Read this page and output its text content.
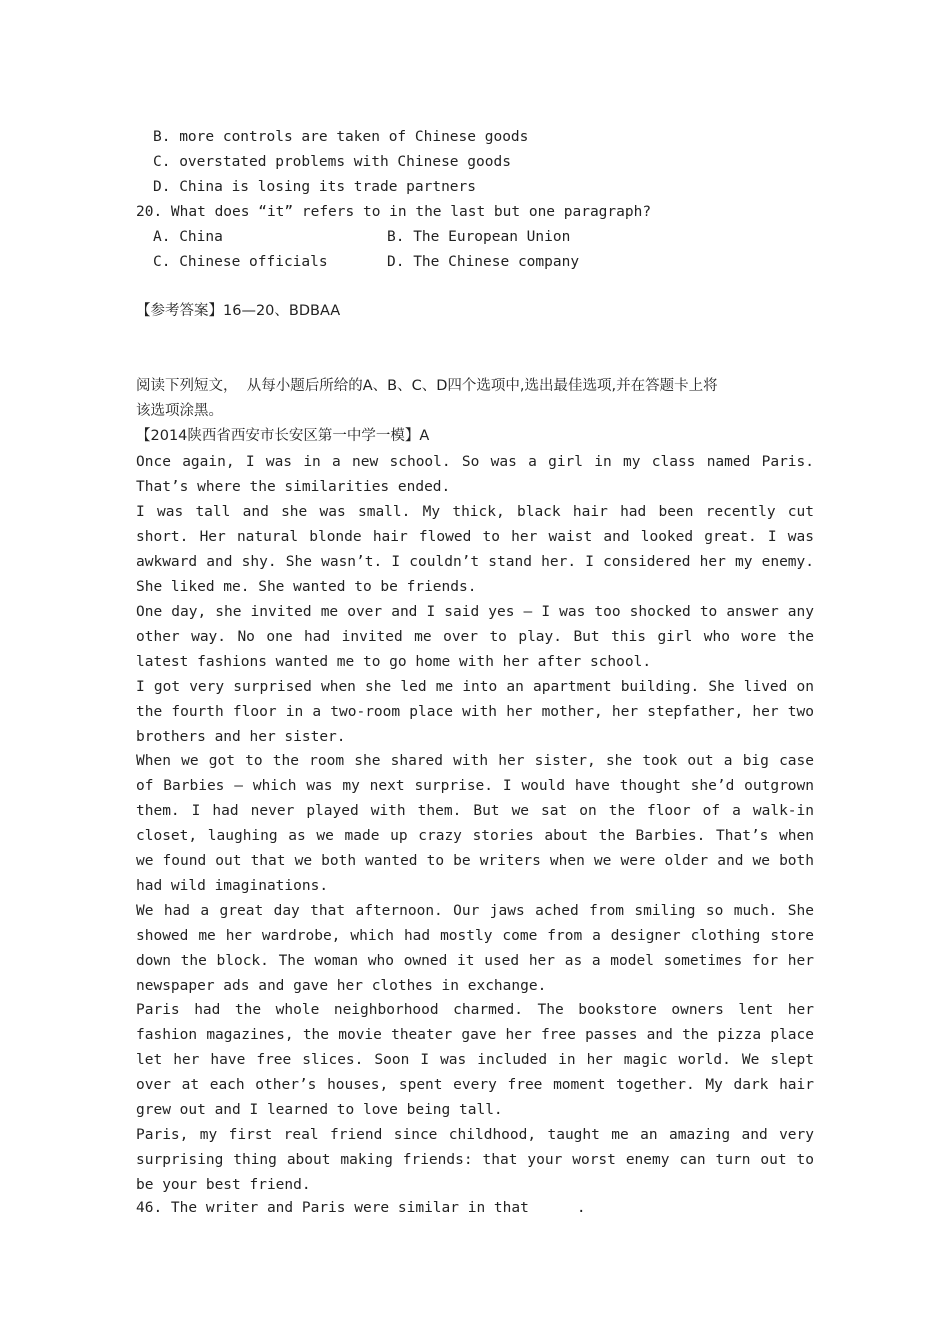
B. more controls are taken of Chinese goods
C. overstated problems with Chinese goods
D. China is losing its trade partners
20. What does “it” refers to in the last but one paragraph?
A. China	B. The European Union
C. Chinese officials	D. The Chinese company
【参考答案】16—20、BDBAA
阅读下列短文，  从每小题后所给的A、B、C、D四个选项中,选出最佳选项,并在答题卡上将
该选项涂黑。
【2014陕西省西安市长安区第一中学一模】A
Once again, I was in a new school. So was a girl in my class named Paris. That’s where the similarities ended.
I was tall and she was small. My thick, black hair had been recently cut short. Her natural blonde hair flowed to her waist and looked great. I was awkward and shy. She wasn’t. I couldn’t stand her. I considered her my enemy. She liked me. She wanted to be friends.
One day, she invited me over and I said yes — I was too shocked to answer any other way. No one had invited me over to play. But this girl who wore the latest fashions wanted me to go home with her after school.
I got very surprised when she led me into an apartment building. She lived on the fourth floor in a two-room place with her mother, her stepfather, her two brothers and her sister.
When we got to the room she shared with her sister, she took out a big case of Barbies — which was my next surprise. I would have thought she’d outgrown them. I had never played with them. But we sat on the floor of a walk-in closet, laughing as we made up crazy stories about the Barbies. That’s when we found out that we both wanted to be writers when we were older and we both had wild imaginations.
We had a great day that afternoon. Our jaws ached from smiling so much. She showed me her wardrobe, which had mostly come from a designer clothing store down the block. The woman who owned it used her as a model sometimes for her newspaper ads and gave her clothes in exchange.
Paris had the whole neighborhood charmed. The bookstore owners lent her fashion magazines, the movie theater gave her free passes and the pizza place let her have free slices. Soon I was included in her magic world. We slept over at each other’s houses, spent every free moment together. My dark hair grew out and I learned to love being tall.
Paris, my first real friend since childhood, taught me an amazing and very surprising thing about making friends: that your worst enemy can turn out to be your best friend.
46. The writer and Paris were similar in that	.
